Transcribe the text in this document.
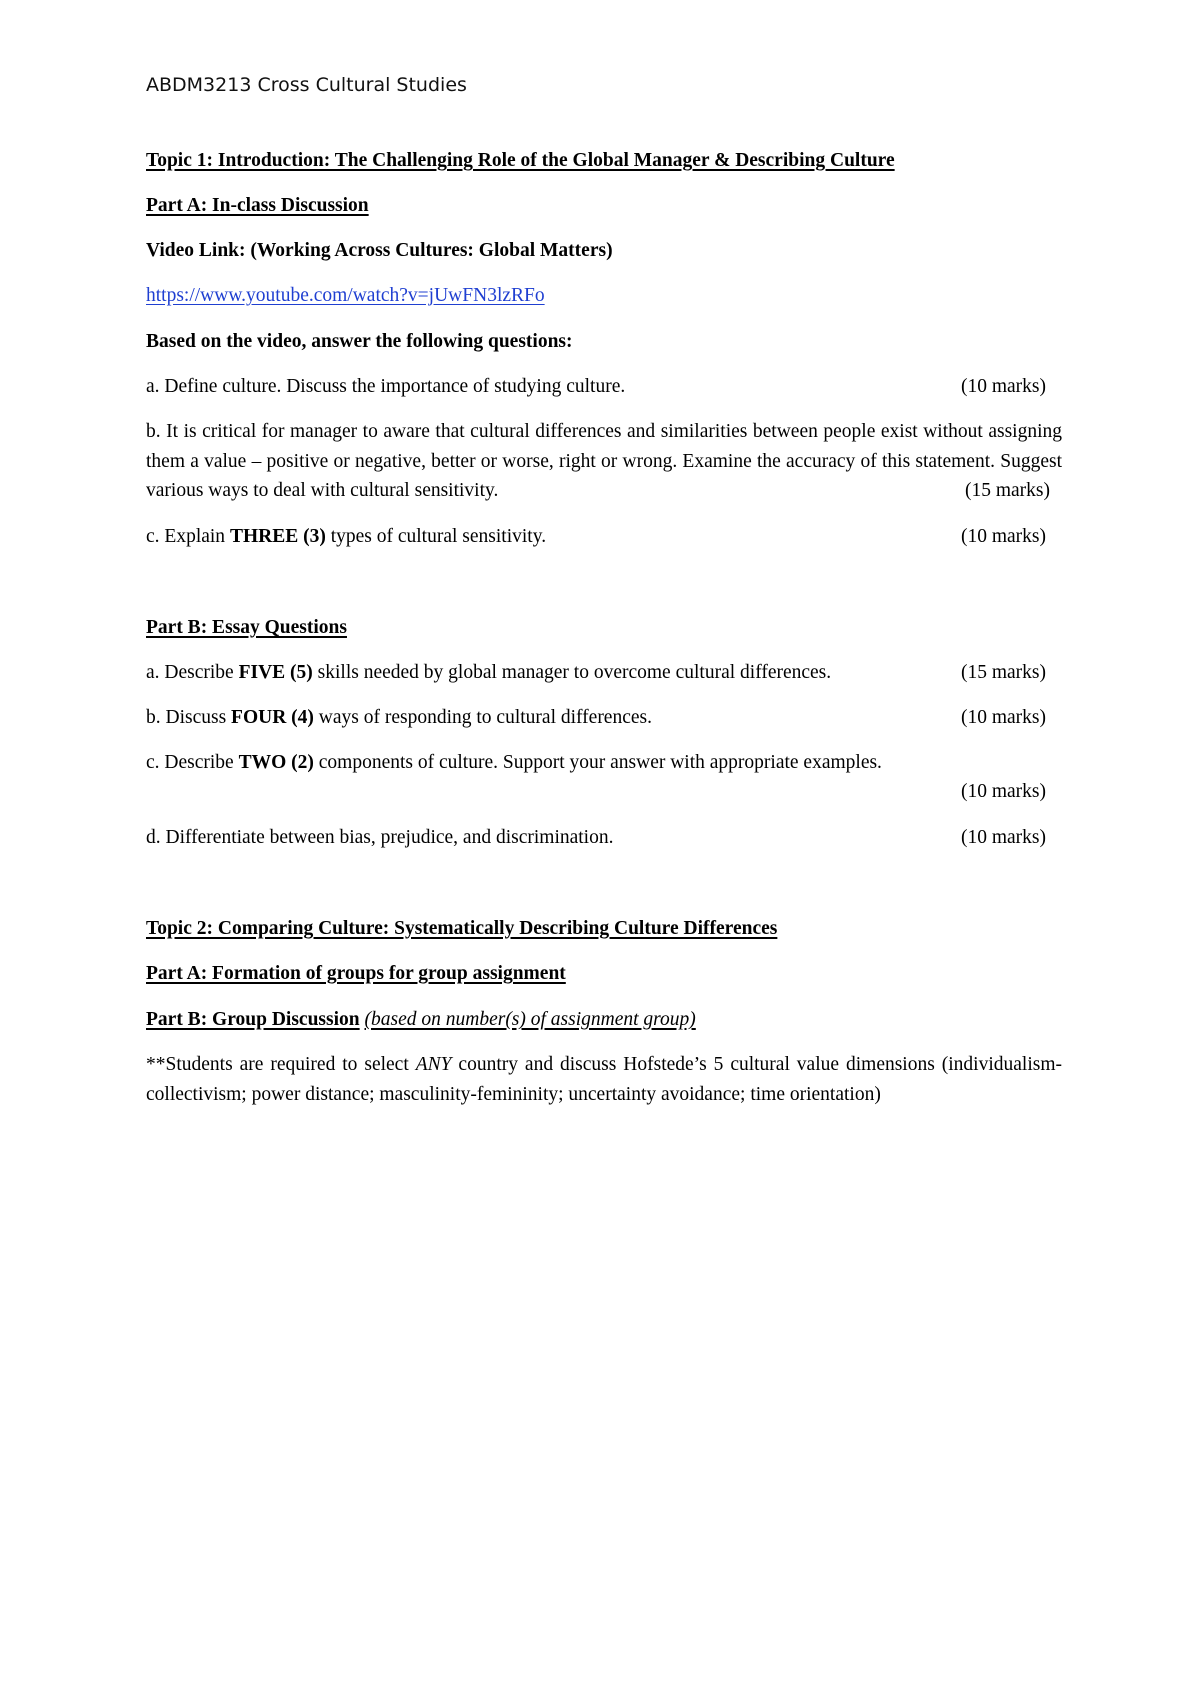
ABDM3213 Cross Cultural Studies
Topic 1: Introduction: The Challenging Role of the Global Manager & Describing Culture
Part A: In-class Discussion
Video Link: (Working Across Cultures: Global Matters)
https://www.youtube.com/watch?v=jUwFN3lzRFo
Based on the video, answer the following questions:
a. Define culture. Discuss the importance of studying culture.	(10 marks)
b. It is critical for manager to aware that cultural differences and similarities between people exist without assigning them a value – positive or negative, better or worse, right or wrong. Examine the accuracy of this statement. Suggest various ways to deal with cultural sensitivity.	(15 marks)
c. Explain THREE (3) types of cultural sensitivity.	(10 marks)
Part B: Essay Questions
a. Describe FIVE (5) skills needed by global manager to overcome cultural differences.	(15 marks)
b. Discuss FOUR (4) ways of responding to cultural differences.	(10 marks)
c. Describe TWO (2) components of culture. Support your answer with appropriate examples.
(10 marks)
d. Differentiate between bias, prejudice, and discrimination.	(10 marks)
Topic 2: Comparing Culture: Systematically Describing Culture Differences
Part A: Formation of groups for group assignment
Part B: Group Discussion (based on number(s) of assignment group)
**Students are required to select ANY country and discuss Hofstede’s 5 cultural value dimensions (individualism-collectivism; power distance; masculinity-femininity; uncertainty avoidance; time orientation)
